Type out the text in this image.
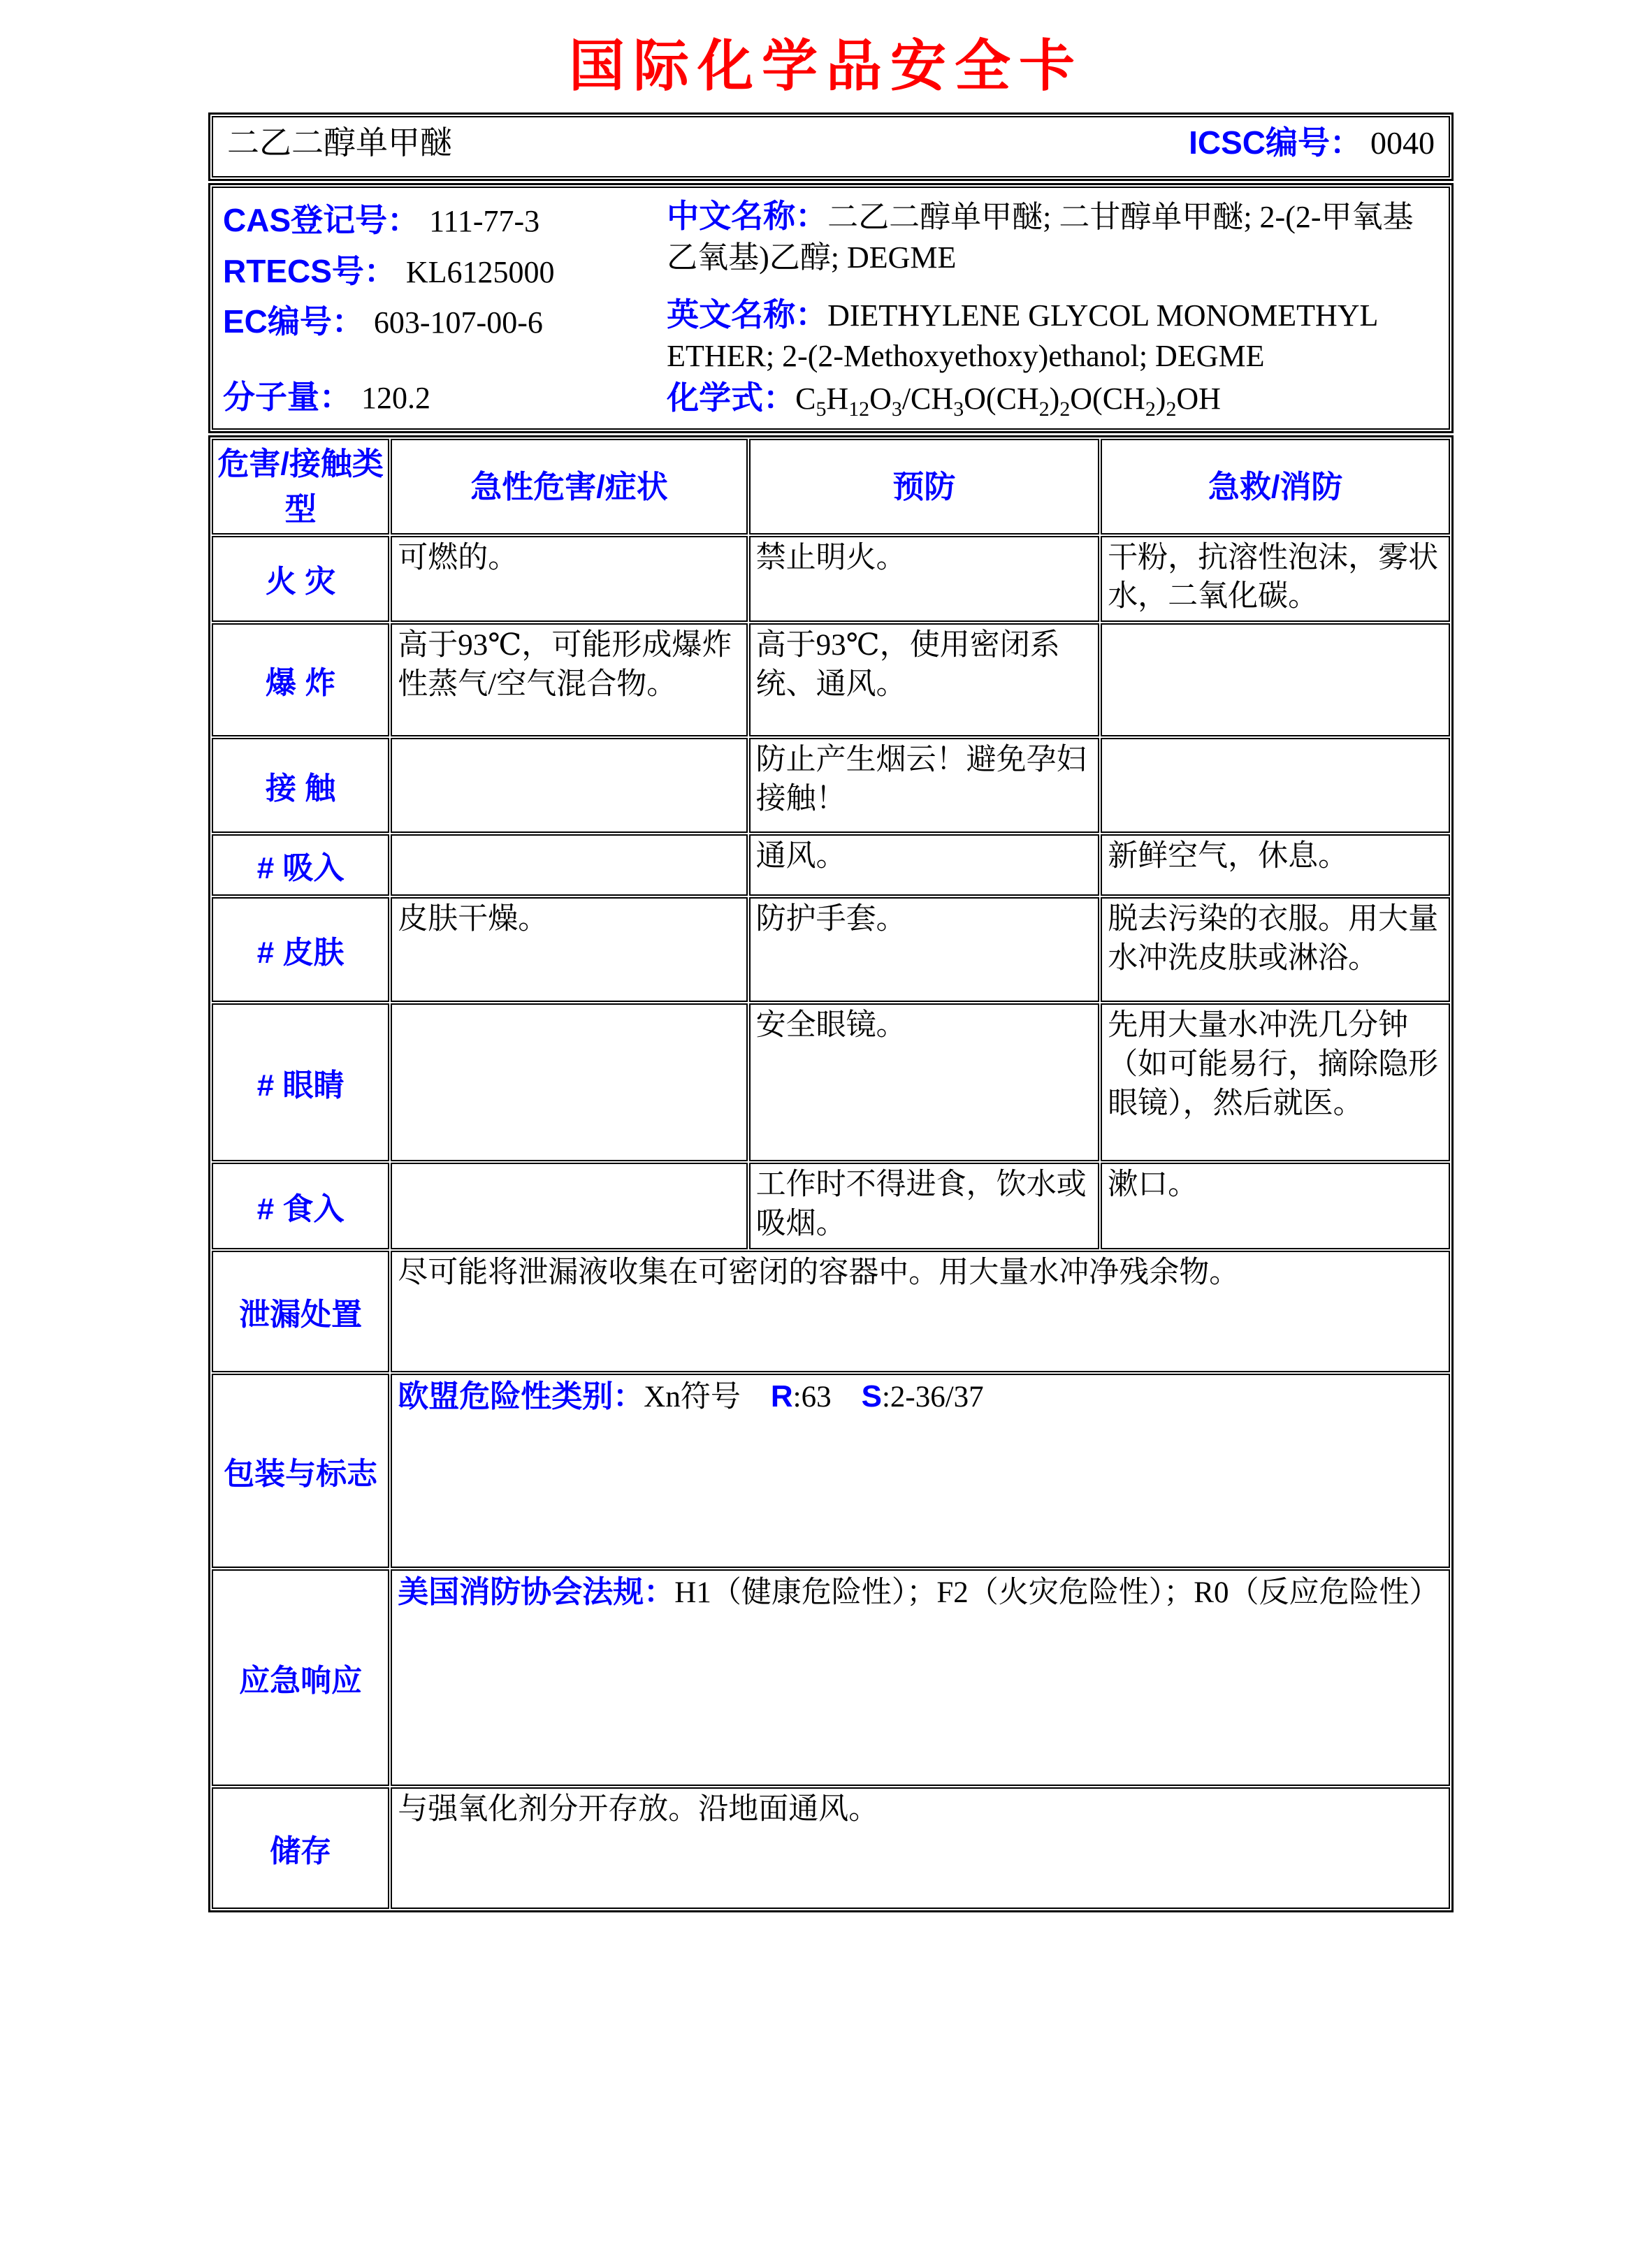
国际化学品安全卡
二乙二醇单甲醚	ICSC编号： 0040
CAS登记号： 111-77-3
RTECS号： KL6125000
EC编号： 603-107-00-6
分子量： 120.2
中文名称：二乙二醇单甲醚; 二甘醇单甲醚; 2-(2-甲氧基乙氧基)乙醇; DEGME
英文名称：DIETHYLENE GLYCOL MONOMETHYL ETHER; 2-(2-Methoxyethoxy)ethanol; DEGME
化学式：$C_5H_{12}O_3/CH_3O(CH_2)_2O(CH_2)_2OH$
危害/接触类型	急性危害/症状	预防	急救/消防
火 灾	可燃的。	禁止明火。	干粉，抗溶性泡沫，雾状水，二氧化碳。
爆 炸	高于93℃，可能形成爆炸性蒸气/空气混合物。	高于93℃，使用密闭系统、通风。	
接 触		防止产生烟云！避免孕妇接触！	
# 吸入		通风。	新鲜空气，休息。
# 皮肤	皮肤干燥。	防护手套。	脱去污染的衣服。用大量水冲洗皮肤或淋浴。
# 眼睛		安全眼镜。	先用大量水冲洗几分钟（如可能易行，摘除隐形眼镜），然后就医。
# 食入		工作时不得进食，饮水或吸烟。	漱口。
泄漏处置	尽可能将泄漏液收集在可密闭的容器中。用大量水冲净残余物。		
包装与标志	欧盟危险性类别：Xn符号 R:63 S:2-36/37		
应急响应	美国消防协会法规：H1（健康危险性）；F2（火灾危险性）；R0（反应危险性）		
储存	与强氧化剂分开存放。沿地面通风。		
